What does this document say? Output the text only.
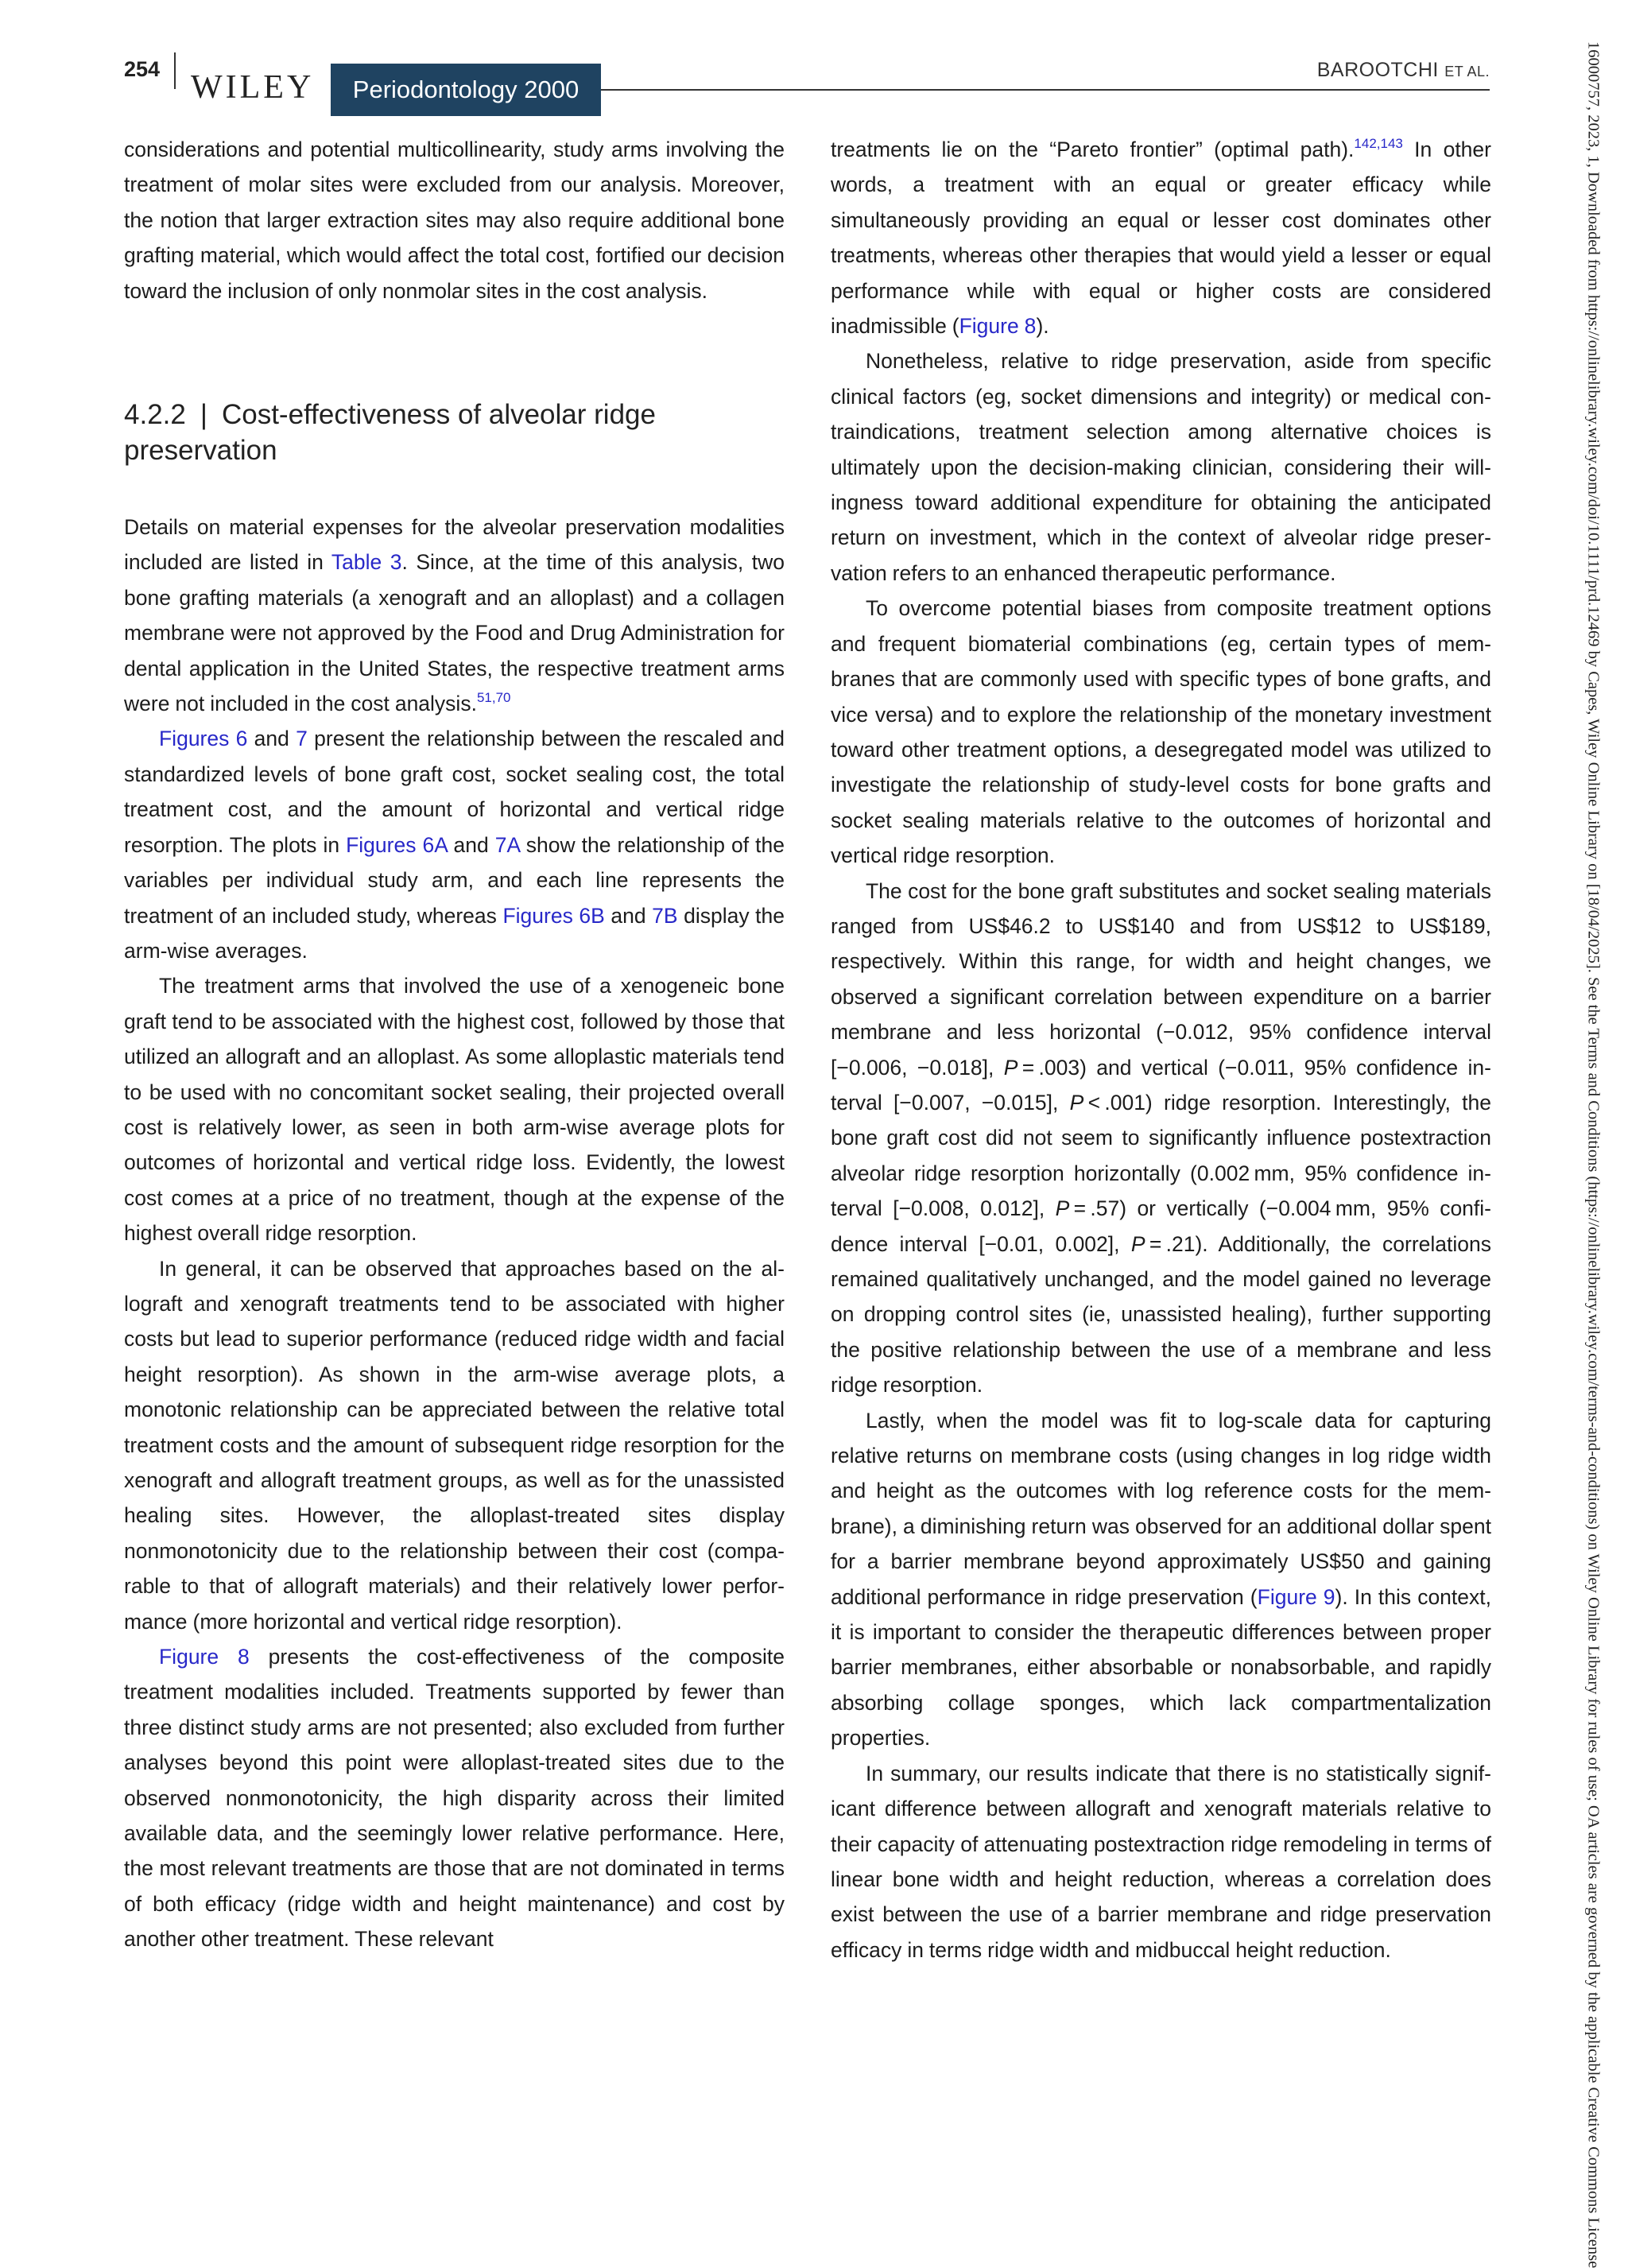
254 WILEY	Periodontology 2000
BAROOTCHI ET AL.	16000757, 2023, 1, Downloaded from https://onlinelibrary.wiley.com/doi/10.1111/prd.12469 by Capes, Wiley Online Library on [18/04/2025]. See the Terms and Conditions (https://onlinelibrary.wiley.com/terms-and-conditions) on Wiley Online Library for rules of use; OA articles are governed by the applicable Creative Commons License

considerations and potential multicollinearity, study arms involving the treatment of molar sites were excluded from our analysis. Moreover, the notion that larger extraction sites may also require additional bone grafting material, which would affect the total cost, fortified our decision toward the inclusion of only nonmolar sites in the cost analysis.

4.2.2 | Cost-effectiveness of alveolar ridge preservation

Details on material expenses for the alveolar preservation modalities included are listed in Table 3. Since, at the time of this analysis, two bone grafting materials (a xenograft and an alloplast) and a collagen membrane were not approved by the Food and Drug Administration for dental application in the United States, the respective treatment arms were not included in the cost analysis.$^{51,70}$

Figures 6 and 7 present the relationship between the rescaled and standardized levels of bone graft cost, socket sealing cost, the total treatment cost, and the amount of horizontal and vertical ridge resorption. The plots in Figures 6A and 7A show the relationship of the variables per individual study arm, and each line represents the treatment of an included study, whereas Figures 6B and 7B display the arm-wise averages.

The treatment arms that involved the use of a xenogeneic bone graft tend to be associated with the highest cost, followed by those that utilized an allograft and an alloplast. As some alloplastic materials tend to be used with no concomitant socket sealing, their projected overall cost is relatively lower, as seen in both arm-wise average plots for outcomes of horizontal and vertical ridge loss. Evidently, the lowest cost comes at a price of no treatment, though at the expense of the highest overall ridge resorption.

In general, it can be observed that approaches based on the allograft and xenograft treatments tend to be associated with higher costs but lead to superior performance (reduced ridge width and facial height resorption). As shown in the arm-wise average plots, a monotonic relationship can be appreciated between the relative total treatment costs and the amount of subsequent ridge resorption for the xenograft and allograft treatment groups, as well as for the unassisted healing sites. However, the alloplast-treated sites display nonmonotonicity due to the relationship between their cost (comparable to that of allograft materials) and their relatively lower performance (more horizontal and vertical ridge resorption).

Figure 8 presents the cost-effectiveness of the composite treatment modalities included. Treatments supported by fewer than three distinct study arms are not presented; also excluded from further analyses beyond this point were alloplast-treated sites due to the observed nonmonotonicity, the high disparity across their limited available data, and the seemingly lower relative performance. Here, the most relevant treatments are those that are not dominated in terms of both efficacy (ridge width and height maintenance) and cost by another other treatment. These relevant

treatments lie on the “Pareto frontier” (optimal path).$^{142,143}$ In other words, a treatment with an equal or greater efficacy while simultaneously providing an equal or lesser cost dominates other treatments, whereas other therapies that would yield a lesser or equal performance while with equal or higher costs are considered inadmissible (Figure 8).

Nonetheless, relative to ridge preservation, aside from specific clinical factors (eg, socket dimensions and integrity) or medical contraindications, treatment selection among alternative choices is ultimately upon the decision-making clinician, considering their willingness toward additional expenditure for obtaining the anticipated return on investment, which in the context of alveolar ridge preservation refers to an enhanced therapeutic performance.

To overcome potential biases from composite treatment options and frequent biomaterial combinations (eg, certain types of membranes that are commonly used with specific types of bone grafts, and vice versa) and to explore the relationship of the monetary investment toward other treatment options, a desegregated model was utilized to investigate the relationship of study-level costs for bone grafts and socket sealing materials relative to the outcomes of horizontal and vertical ridge resorption.

The cost for the bone graft substitutes and socket sealing materials ranged from US$46.2 to US$140 and from US$12 to US$189, respectively. Within this range, for width and height changes, we observed a significant correlation between expenditure on a barrier membrane and less horizontal (−0.012, 95% confidence interval [−0.006, −0.018], P = .003) and vertical (−0.011, 95% confidence interval [−0.007, −0.015], P < .001) ridge resorption. Interestingly, the bone graft cost did not seem to significantly influence postextraction alveolar ridge resorption horizontally (0.002 mm, 95% confidence interval [−0.008, 0.012], P = .57) or vertically (−0.004 mm, 95% confidence interval [−0.01, 0.002], P = .21). Additionally, the correlations remained qualitatively unchanged, and the model gained no leverage on dropping control sites (ie, unassisted healing), further supporting the positive relationship between the use of a membrane and less ridge resorption.

Lastly, when the model was fit to log-scale data for capturing relative returns on membrane costs (using changes in log ridge width and height as the outcomes with log reference costs for the membrane), a diminishing return was observed for an additional dollar spent for a barrier membrane beyond approximately US$50 and gaining additional performance in ridge preservation (Figure 9). In this context, it is important to consider the therapeutic differences between proper barrier membranes, either absorbable or nonabsorbable, and rapidly absorbing collage sponges, which lack compartmentalization properties.

In summary, our results indicate that there is no statistically significant difference between allograft and xenograft materials relative to their capacity of attenuating postextraction ridge remodeling in terms of linear bone width and height reduction, whereas a correlation does exist between the use of a barrier membrane and ridge preservation efficacy in terms ridge width and midbuccal height reduction.
